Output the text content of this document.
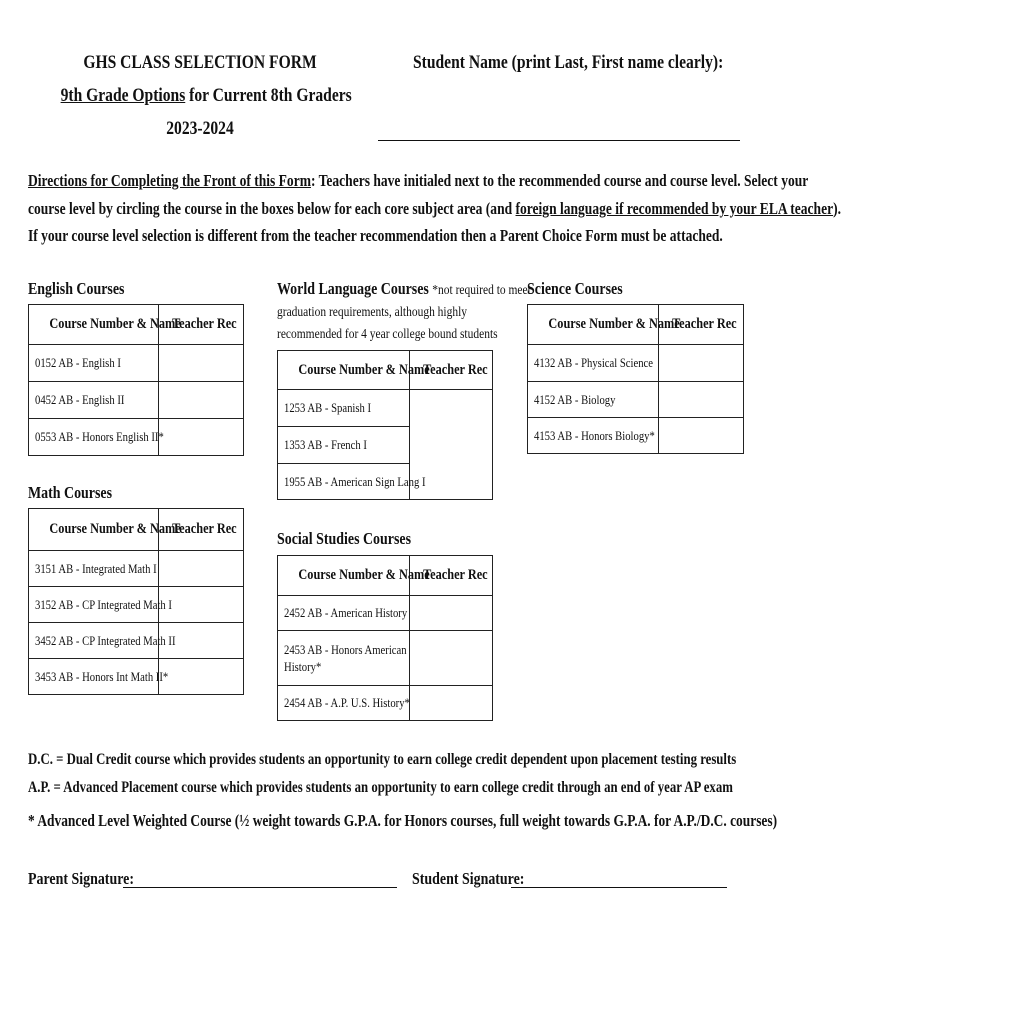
GHS CLASS SELECTION FORM
9th Grade Options for Current 8th Graders
2023-2024
Student Name (print Last, First name clearly):
Directions for Completing the Front of this Form: Teachers have initialed next to the recommended course and course level. Select your
course level by circling the course in the boxes below for each core subject area (and foreign language if recommended by your ELA teacher).
If your course level selection is different from the teacher recommendation then a Parent Choice Form must be attached.
English Courses
Course Number & Name	Teacher Rec
0152 AB - English I	
0452 AB - English II	
0553 AB - Honors English II*	
Math Courses
Course Number & Name	Teacher Rec
3151 AB - Integrated Math I	
3152 AB - CP Integrated Math I	
3452 AB - CP Integrated Math II	
3453 AB - Honors Int Math II*	
World Language Courses *not required to meet
graduation requirements, although highly
recommended for 4 year college bound students
Course Number & Name	Teacher Rec
1253 AB - Spanish I	
1353 AB - French I	
1955 AB - American Sign Lang I	
Social Studies Courses
Course Number & Name	Teacher Rec
2452 AB - American History	
2453 AB - Honors American
History*	
2454 AB - A.P. U.S. History*	
Science Courses
Course Number & Name	Teacher Rec
4132 AB - Physical Science	
4152 AB - Biology	
4153 AB - Honors Biology*	
D.C. = Dual Credit course which provides students an opportunity to earn college credit dependent upon placement testing results
A.P. = Advanced Placement course which provides students an opportunity to earn college credit through an end of year AP exam
* Advanced Level Weighted Course (½ weight towards G.P.A. for Honors courses, full weight towards G.P.A. for A.P./D.C. courses)
Parent Signature:	Student Signature:
